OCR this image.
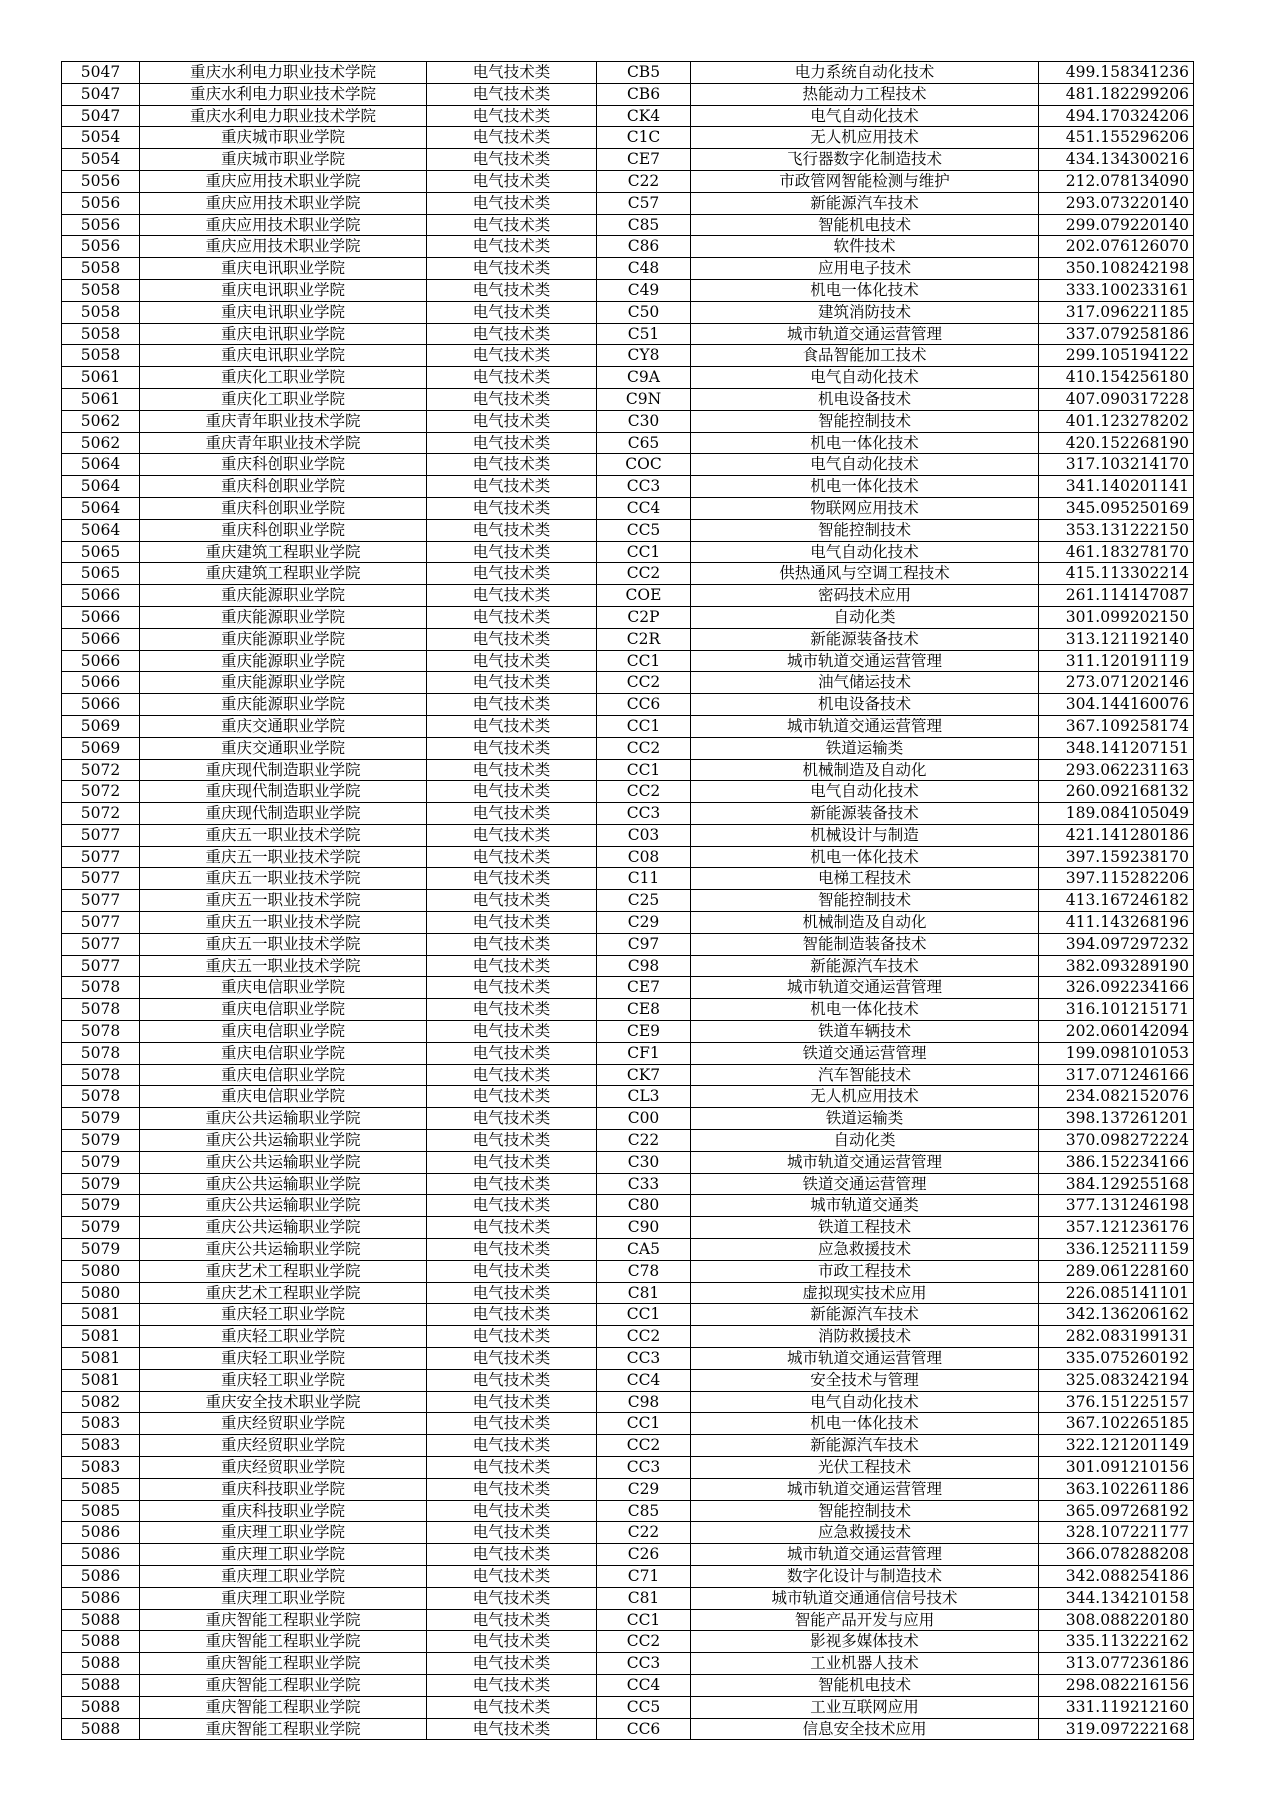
5047	重庆水利电力职业技术学院	电气技术类	CB5	电力系统自动化技术	499.158341236
5047	重庆水利电力职业技术学院	电气技术类	CB6	热能动力工程技术	481.182299206
5047	重庆水利电力职业技术学院	电气技术类	CK4	电气自动化技术	494.170324206
5054	重庆城市职业学院	电气技术类	C1C	无人机应用技术	451.155296206
5054	重庆城市职业学院	电气技术类	CE7	飞行器数字化制造技术	434.134300216
5056	重庆应用技术职业学院	电气技术类	C22	市政管网智能检测与维护	212.078134090
5056	重庆应用技术职业学院	电气技术类	C57	新能源汽车技术	293.073220140
5056	重庆应用技术职业学院	电气技术类	C85	智能机电技术	299.079220140
5056	重庆应用技术职业学院	电气技术类	C86	软件技术	202.076126070
5058	重庆电讯职业学院	电气技术类	C48	应用电子技术	350.108242198
5058	重庆电讯职业学院	电气技术类	C49	机电一体化技术	333.100233161
5058	重庆电讯职业学院	电气技术类	C50	建筑消防技术	317.096221185
5058	重庆电讯职业学院	电气技术类	C51	城市轨道交通运营管理	337.079258186
5058	重庆电讯职业学院	电气技术类	CY8	食品智能加工技术	299.105194122
5061	重庆化工职业学院	电气技术类	C9A	电气自动化技术	410.154256180
5061	重庆化工职业学院	电气技术类	C9N	机电设备技术	407.090317228
5062	重庆青年职业技术学院	电气技术类	C30	智能控制技术	401.123278202
5062	重庆青年职业技术学院	电气技术类	C65	机电一体化技术	420.152268190
5064	重庆科创职业学院	电气技术类	COC	电气自动化技术	317.103214170
5064	重庆科创职业学院	电气技术类	CC3	机电一体化技术	341.140201141
5064	重庆科创职业学院	电气技术类	CC4	物联网应用技术	345.095250169
5064	重庆科创职业学院	电气技术类	CC5	智能控制技术	353.131222150
5065	重庆建筑工程职业学院	电气技术类	CC1	电气自动化技术	461.183278170
5065	重庆建筑工程职业学院	电气技术类	CC2	供热通风与空调工程技术	415.113302214
5066	重庆能源职业学院	电气技术类	COE	密码技术应用	261.114147087
5066	重庆能源职业学院	电气技术类	C2P	自动化类	301.099202150
5066	重庆能源职业学院	电气技术类	C2R	新能源装备技术	313.121192140
5066	重庆能源职业学院	电气技术类	CC1	城市轨道交通运营管理	311.120191119
5066	重庆能源职业学院	电气技术类	CC2	油气储运技术	273.071202146
5066	重庆能源职业学院	电气技术类	CC6	机电设备技术	304.144160076
5069	重庆交通职业学院	电气技术类	CC1	城市轨道交通运营管理	367.109258174
5069	重庆交通职业学院	电气技术类	CC2	铁道运输类	348.141207151
5072	重庆现代制造职业学院	电气技术类	CC1	机械制造及自动化	293.062231163
5072	重庆现代制造职业学院	电气技术类	CC2	电气自动化技术	260.092168132
5072	重庆现代制造职业学院	电气技术类	CC3	新能源装备技术	189.084105049
5077	重庆五一职业技术学院	电气技术类	C03	机械设计与制造	421.141280186
5077	重庆五一职业技术学院	电气技术类	C08	机电一体化技术	397.159238170
5077	重庆五一职业技术学院	电气技术类	C11	电梯工程技术	397.115282206
5077	重庆五一职业技术学院	电气技术类	C25	智能控制技术	413.167246182
5077	重庆五一职业技术学院	电气技术类	C29	机械制造及自动化	411.143268196
5077	重庆五一职业技术学院	电气技术类	C97	智能制造装备技术	394.097297232
5077	重庆五一职业技术学院	电气技术类	C98	新能源汽车技术	382.093289190
5078	重庆电信职业学院	电气技术类	CE7	城市轨道交通运营管理	326.092234166
5078	重庆电信职业学院	电气技术类	CE8	机电一体化技术	316.101215171
5078	重庆电信职业学院	电气技术类	CE9	铁道车辆技术	202.060142094
5078	重庆电信职业学院	电气技术类	CF1	铁道交通运营管理	199.098101053
5078	重庆电信职业学院	电气技术类	CK7	汽车智能技术	317.071246166
5078	重庆电信职业学院	电气技术类	CL3	无人机应用技术	234.082152076
5079	重庆公共运输职业学院	电气技术类	C00	铁道运输类	398.137261201
5079	重庆公共运输职业学院	电气技术类	C22	自动化类	370.098272224
5079	重庆公共运输职业学院	电气技术类	C30	城市轨道交通运营管理	386.152234166
5079	重庆公共运输职业学院	电气技术类	C33	铁道交通运营管理	384.129255168
5079	重庆公共运输职业学院	电气技术类	C80	城市轨道交通类	377.131246198
5079	重庆公共运输职业学院	电气技术类	C90	铁道工程技术	357.121236176
5079	重庆公共运输职业学院	电气技术类	CA5	应急救援技术	336.125211159
5080	重庆艺术工程职业学院	电气技术类	C78	市政工程技术	289.061228160
5080	重庆艺术工程职业学院	电气技术类	C81	虚拟现实技术应用	226.085141101
5081	重庆轻工职业学院	电气技术类	CC1	新能源汽车技术	342.136206162
5081	重庆轻工职业学院	电气技术类	CC2	消防救援技术	282.083199131
5081	重庆轻工职业学院	电气技术类	CC3	城市轨道交通运营管理	335.075260192
5081	重庆轻工职业学院	电气技术类	CC4	安全技术与管理	325.083242194
5082	重庆安全技术职业学院	电气技术类	C98	电气自动化技术	376.151225157
5083	重庆经贸职业学院	电气技术类	CC1	机电一体化技术	367.102265185
5083	重庆经贸职业学院	电气技术类	CC2	新能源汽车技术	322.121201149
5083	重庆经贸职业学院	电气技术类	CC3	光伏工程技术	301.091210156
5085	重庆科技职业学院	电气技术类	C29	城市轨道交通运营管理	363.102261186
5085	重庆科技职业学院	电气技术类	C85	智能控制技术	365.097268192
5086	重庆理工职业学院	电气技术类	C22	应急救援技术	328.107221177
5086	重庆理工职业学院	电气技术类	C26	城市轨道交通运营管理	366.078288208
5086	重庆理工职业学院	电气技术类	C71	数字化设计与制造技术	342.088254186
5086	重庆理工职业学院	电气技术类	C81	城市轨道交通通信信号技术	344.134210158
5088	重庆智能工程职业学院	电气技术类	CC1	智能产品开发与应用	308.088220180
5088	重庆智能工程职业学院	电气技术类	CC2	影视多媒体技术	335.113222162
5088	重庆智能工程职业学院	电气技术类	CC3	工业机器人技术	313.077236186
5088	重庆智能工程职业学院	电气技术类	CC4	智能机电技术	298.082216156
5088	重庆智能工程职业学院	电气技术类	CC5	工业互联网应用	331.119212160
5088	重庆智能工程职业学院	电气技术类	CC6	信息安全技术应用	319.097222168
